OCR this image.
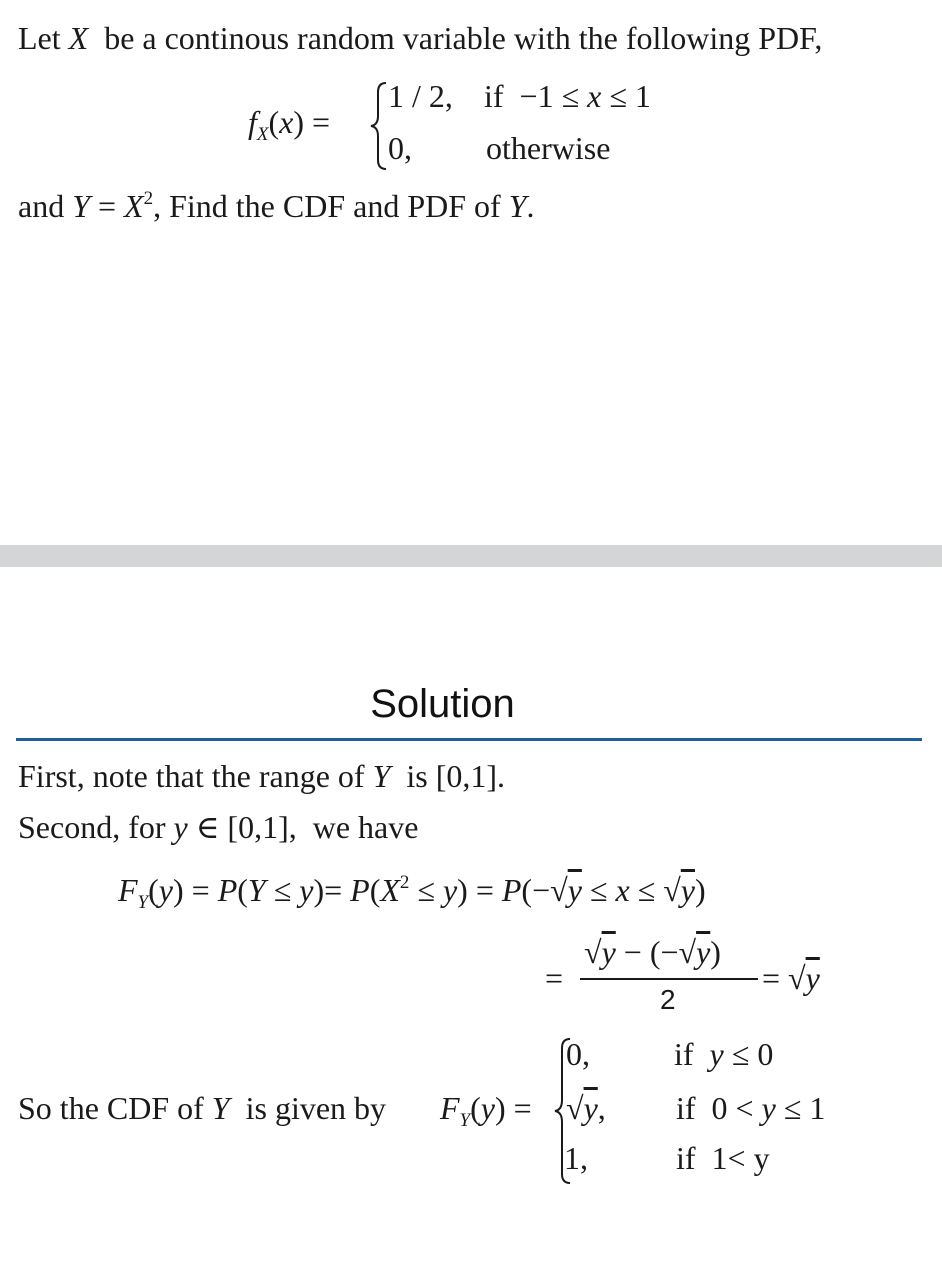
Let X  be a continous random variable with the following PDF,
$f_X(x)$ =
1 / 2, if  −1 ≤ x ≤ 1
0, otherwise
and $Y = X^2$, Find the CDF and PDF of Y.
Solution
First, note that the range of Y  is [0,1].
Second, for y ∈ [0,1],  we have
$F_Y(y) = P(Y \le y)= P(X^2 \le y) = P(-√y \le x \le √y)$
=
√y − (−√y)
2
= √y
So the CDF of Y  is given by $F_Y(y)$ =
0,	if  y ≤ 0
√y, if  0 < y ≤ 1
1,	if  1< y
